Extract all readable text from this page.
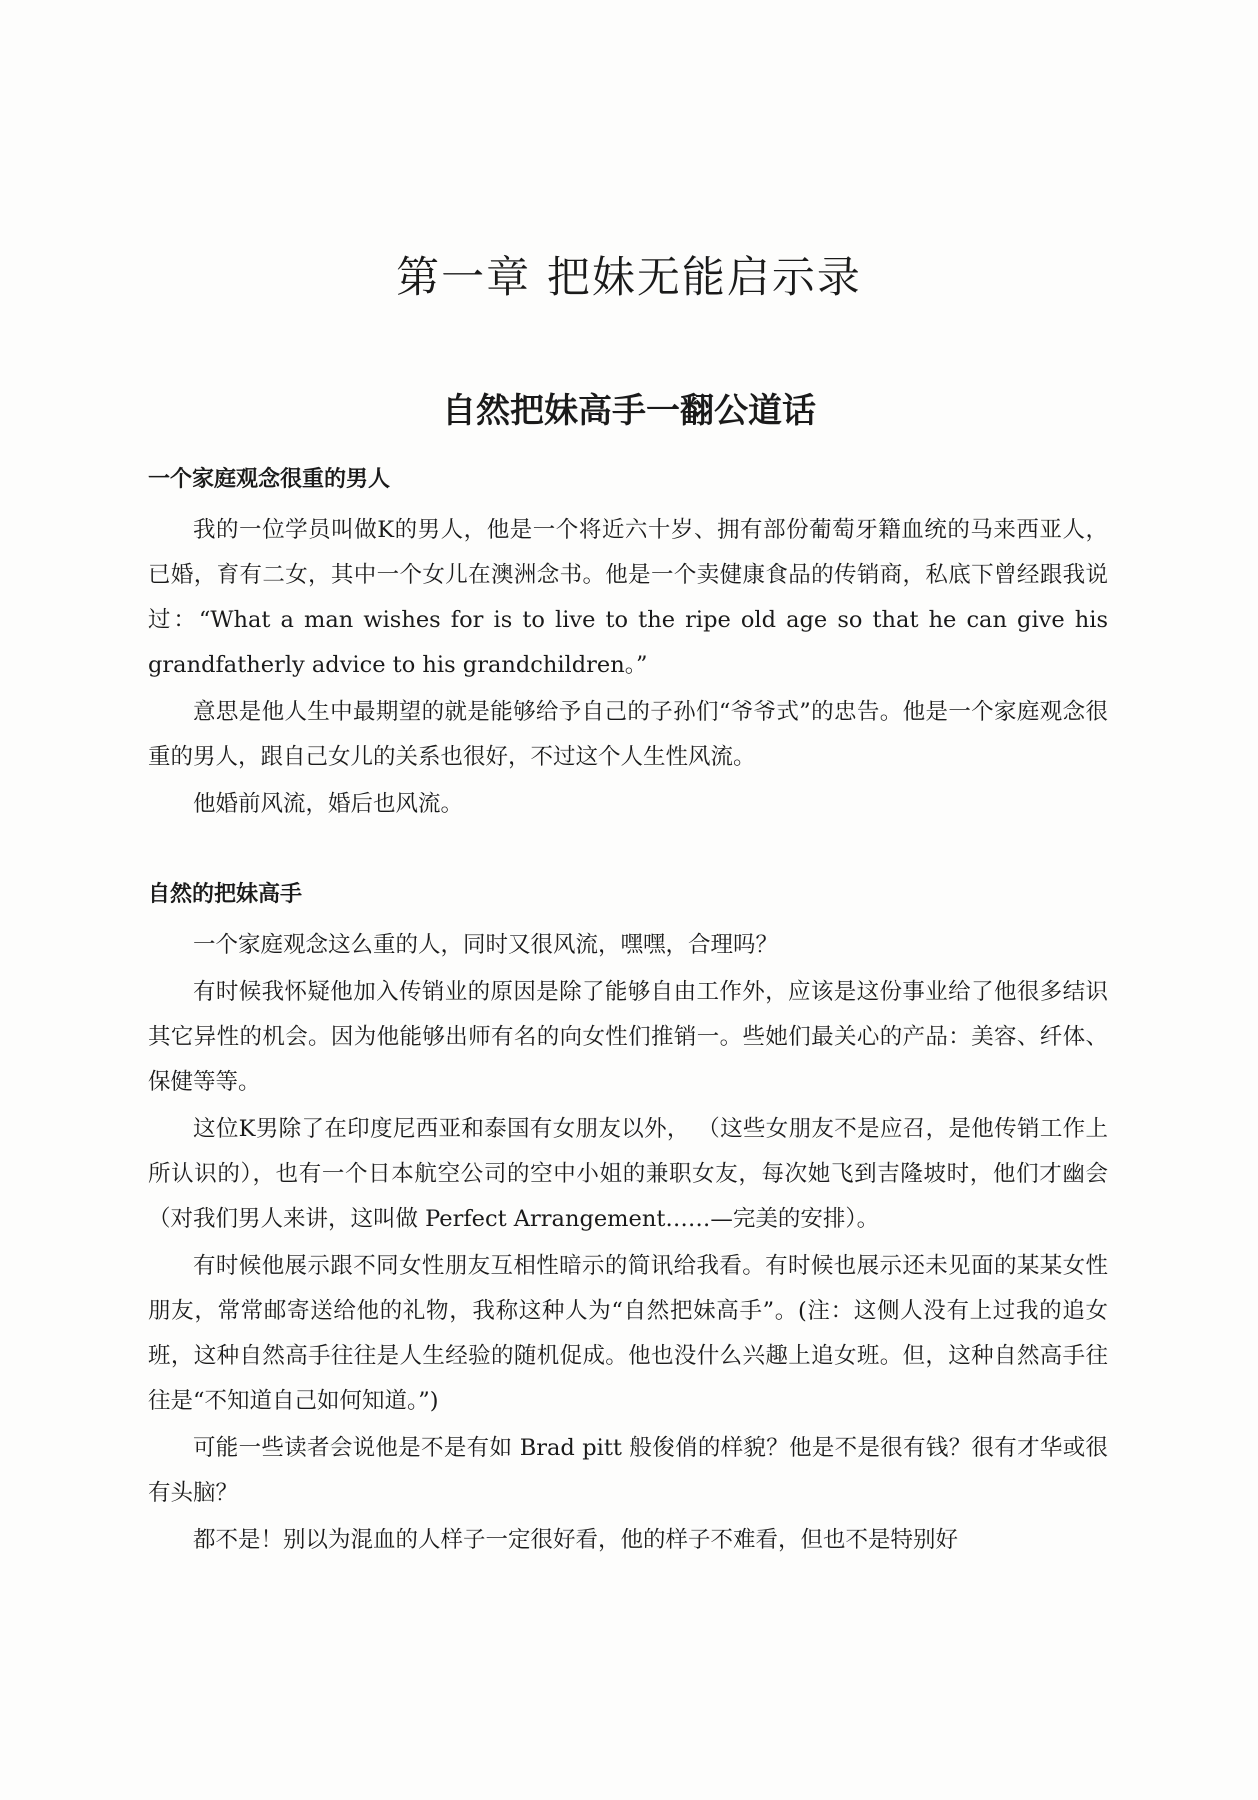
第一章 把妹无能启示录
自然把妹高手一翻公道话
一个家庭观念很重的男人

我的一位学员叫做K的男人，他是一个将近六十岁、拥有部份葡萄牙籍血统的马来西亚人，已婚，育有二女，其中一个女儿在澳洲念书。他是一个卖健康食品的传销商，私底下曾经跟我说过：“What a man wishes for is to live to the ripe old age so that he can give his grandfatherly advice to his grandchildren。”

意思是他人生中最期望的就是能够给予自己的子孙们“爷爷式”的忠告。他是一个家庭观念很重的男人，跟自己女儿的关系也很好，不过这个人生性风流。

他婚前风流，婚后也风流。

自然的把妹高手

一个家庭观念这么重的人，同时又很风流，嘿嘿，合理吗？

有时候我怀疑他加入传销业的原因是除了能够自由工作外，应该是这份事业给了他很多结识其它异性的机会。因为他能够出师有名的向女性们推销一。些她们最关心的产品：美容、纤体、保健等等。

这位K男除了在印度尼西亚和泰国有女朋友以外， （这些女朋友不是应召，是他传销工作上所认识的），也有一个日本航空公司的空中小姐的兼职女友，每次她飞到吉隆坡时，他们才幽会（对我们男人来讲，这叫做 Perfect Arrangement……—完美的安排）。

有时候他展示跟不同女性朋友互相性暗示的简讯给我看。有时候也展示还未见面的某某女性朋友，常常邮寄送给他的礼物，我称这种人为“自然把妹高手”。(注：这侧人没有上过我的追女班，这种自然高手往往是人生经验的随机促成。他也没什么兴趣上追女班。但，这种自然高手往往是“不知道自己如何知道。”)

可能一些读者会说他是不是有如 Brad pitt 般俊俏的样貌？他是不是很有钱？很有才华或很有头脑？

都不是！别以为混血的人样子一定很好看，他的样子不难看，但也不是特别好
